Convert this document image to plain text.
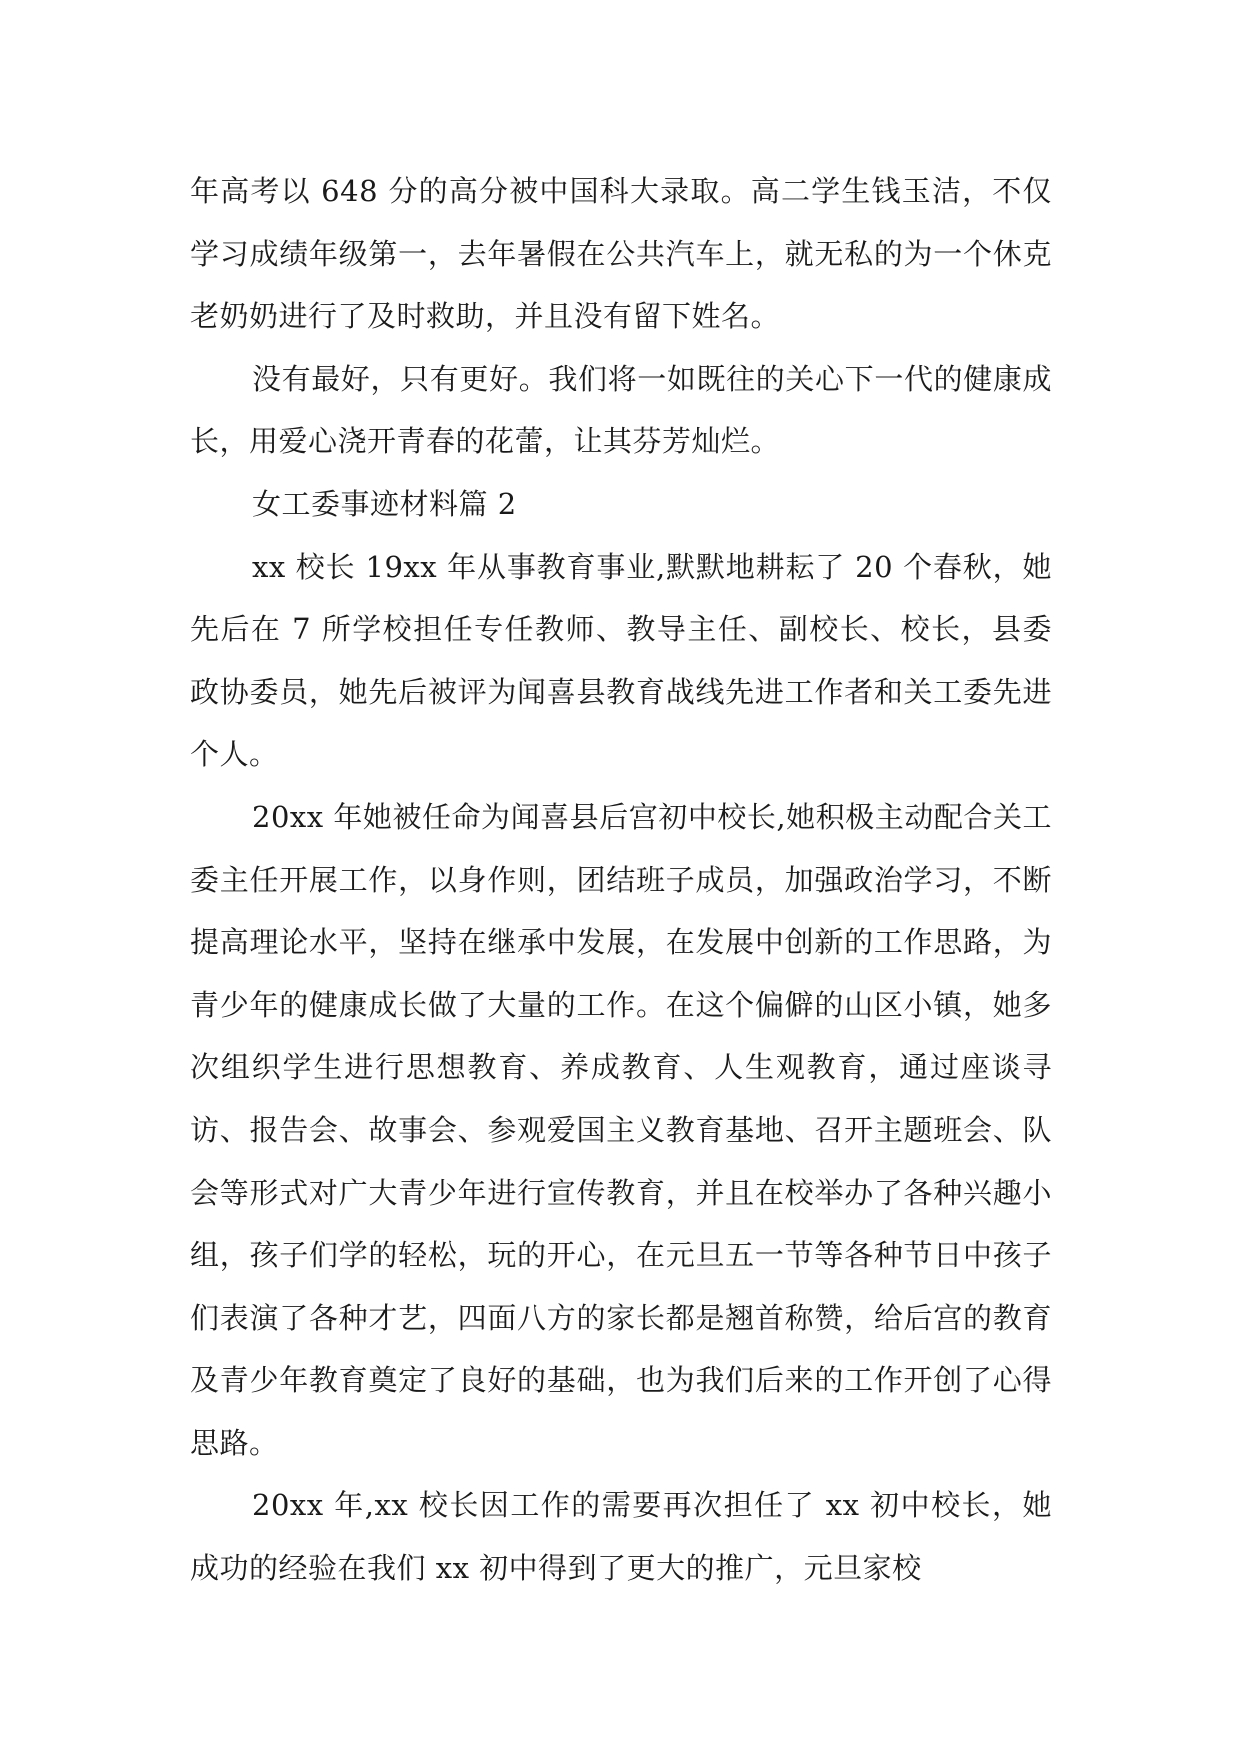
年高考以 648 分的高分被中国科大录取。高二学生钱玉洁，不仅学习成绩年级第一，去年暑假在公共汽车上，就无私的为一个休克老奶奶进行了及时救助，并且没有留下姓名。

没有最好，只有更好。我们将一如既往的关心下一代的健康成长，用爱心浇开青春的花蕾，让其芬芳灿烂。

女工委事迹材料篇 2

xx 校长 19xx 年从事教育事业,默默地耕耘了 20 个春秋，她先后在 7 所学校担任专任教师、教导主任、副校长、校长，县委政协委员，她先后被评为闻喜县教育战线先进工作者和关工委先进个人。

20xx 年她被任命为闻喜县后宫初中校长,她积极主动配合关工委主任开展工作，以身作则，团结班子成员，加强政治学习，不断提高理论水平，坚持在继承中发展，在发展中创新的工作思路，为青少年的健康成长做了大量的工作。在这个偏僻的山区小镇，她多次组织学生进行思想教育、养成教育、人生观教育，通过座谈寻访、报告会、故事会、参观爱国主义教育基地、召开主题班会、队会等形式对广大青少年进行宣传教育，并且在校举办了各种兴趣小组，孩子们学的轻松，玩的开心，在元旦五一节等各种节日中孩子们表演了各种才艺，四面八方的家长都是翘首称赞，给后宫的教育及青少年教育奠定了良好的基础，也为我们后来的工作开创了心得思路。

20xx 年,xx 校长因工作的需要再次担任了 xx 初中校长，她成功的经验在我们 xx 初中得到了更大的推广，元旦家校
